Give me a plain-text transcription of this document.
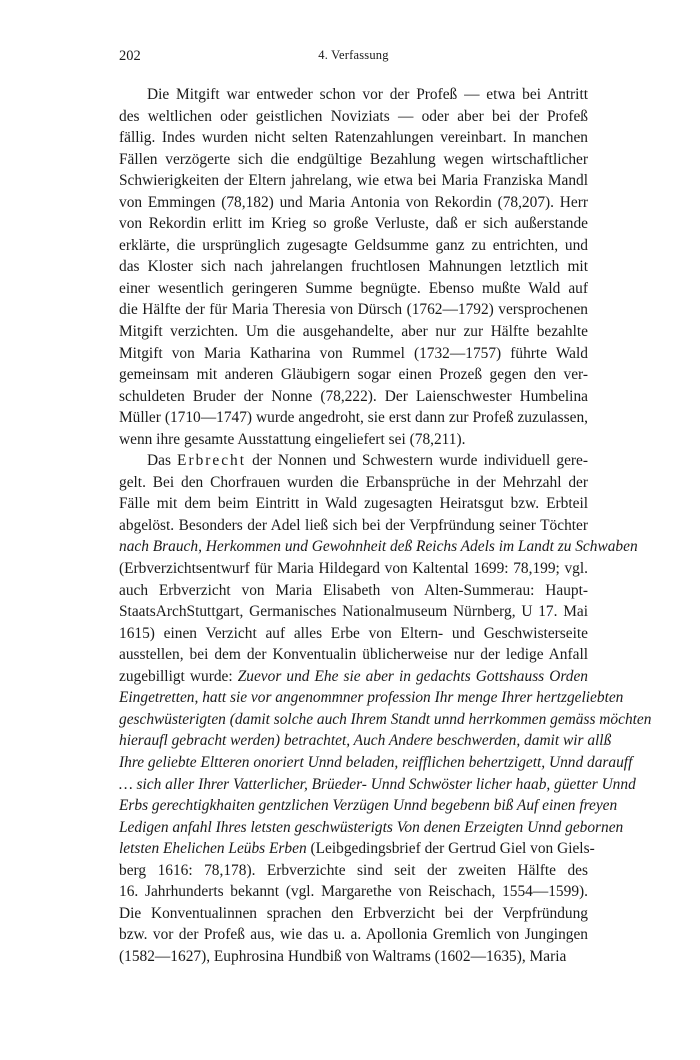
202	4. Verfassung
Die Mitgift war entweder schon vor der Profeß — etwa bei Antritt
des weltlichen oder geistlichen Noviziats — oder aber bei der Profeß
fällig. Indes wurden nicht selten Ratenzahlungen vereinbart. In manchen
Fällen verzögerte sich die endgültige Bezahlung wegen wirtschaftlicher
Schwierigkeiten der Eltern jahrelang, wie etwa bei Maria Franziska Mandl
von Emmingen (78,182) und Maria Antonia von Rekordin (78,207). Herr
von Rekordin erlitt im Krieg so große Verluste, daß er sich außerstande
erklärte, die ursprünglich zugesagte Geldsumme ganz zu entrichten, und
das Kloster sich nach jahrelangen fruchtlosen Mahnungen letztlich mit
einer wesentlich geringeren Summe begnügte. Ebenso mußte Wald auf
die Hälfte der für Maria Theresia von Dürsch (1762—1792) versprochenen
Mitgift verzichten. Um die ausgehandelte, aber nur zur Hälfte bezahlte
Mitgift von Maria Katharina von Rummel (1732—1757) führte Wald
gemeinsam mit anderen Gläubigern sogar einen Prozeß gegen den ver-
schuldeten Bruder der Nonne (78,222). Der Laienschwester Humbelina
Müller (1710—1747) wurde angedroht, sie erst dann zur Profeß zuzulassen,
wenn ihre gesamte Ausstattung eingeliefert sei (78,211).
Das Erbrecht der Nonnen und Schwestern wurde individuell gere-
gelt. Bei den Chorfrauen wurden die Erbansprüche in der Mehrzahl der
Fälle mit dem beim Eintritt in Wald zugesagten Heiratsgut bzw. Erbteil
abgelöst. Besonders der Adel ließ sich bei der Verpfründung seiner Töchter
nach Brauch, Herkommen und Gewohnheit deß Reichs Adels im Landt zu Schwaben
(Erbverzichtsentwurf für Maria Hildegard von Kaltental 1699: 78,199; vgl.
auch Erbverzicht von Maria Elisabeth von Alten-Summerau: Haupt-
StaatsArchStuttgart, Germanisches Nationalmuseum Nürnberg, U 17. Mai
1615) einen Verzicht auf alles Erbe von Eltern- und Geschwisterseite
ausstellen, bei dem der Konventualin üblicherweise nur der ledige Anfall
zugebilligt wurde: Zuevor und Ehe sie aber in gedachts Gottshauss Orden
Eingetretten, hatt sie vor angenommner profession Ihr menge Ihrer hertzgeliebten
geschwüsterigten (damit solche auch Ihrem Standt unnd herrkommen gemäss möchten
hieraufl gebracht werden) betrachtet, Auch Andere beschwerden, damit wir allß
Ihre geliebte Eltteren onoriert Unnd beladen, reifflichen behertzigett, Unnd darauff
… sich aller Ihrer Vatterlicher, Brüeder- Unnd Schwöster licher haab, güetter Unnd
Erbs gerechtigkhaiten gentzlichen Verzügen Unnd begebenn biß Auf einen freyen
Ledigen anfahl Ihres letsten geschwüsterigts Von denen Erzeigten Unnd gebornen
letsten Ehelichen Leübs Erben (Leibgedingsbrief der Gertrud Giel von Giels-
berg 1616: 78,178). Erbverzichte sind seit der zweiten Hälfte des
16. Jahrhunderts bekannt (vgl. Margarethe von Reischach, 1554—1599).
Die Konventualinnen sprachen den Erbverzicht bei der Verpfründung
bzw. vor der Profeß aus, wie das u. a. Apollonia Gremlich von Jungingen
(1582—1627), Euphrosina Hundbiß von Waltrams (1602—1635), Maria
